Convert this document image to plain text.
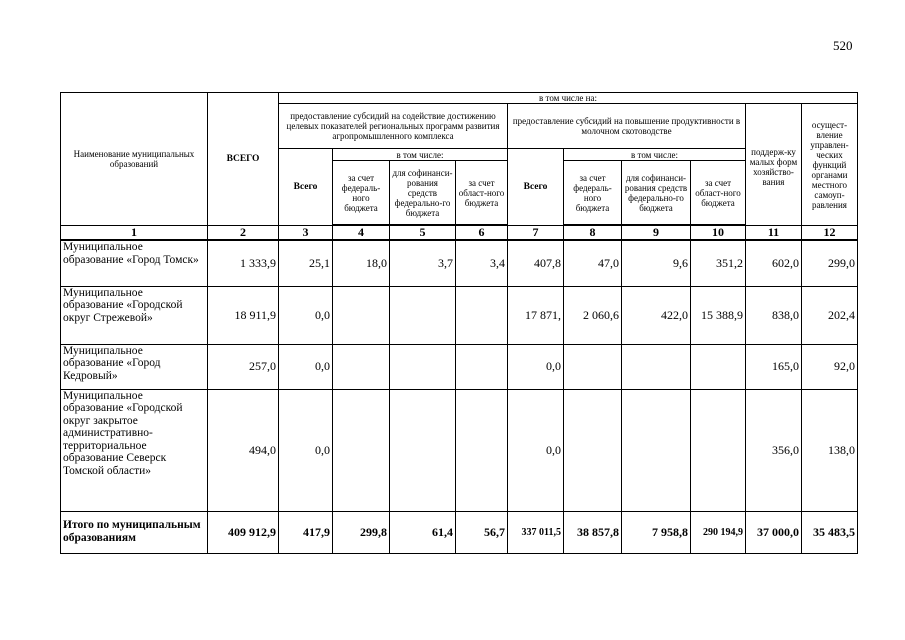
520
Наименование муниципальных образований	ВСЕГО	в том числе на:									
		предоставление субсидий на содействие достижению целевых показателей региональных программ развития агропромышленного комплекса				предоставление субсидий на повышение продуктивности в молочном скотоводстве				поддерж-ку малых форм хозяйство-вания	осущест-вление управлен-ческих функций органами местного самоуп-равления
		Всего	в том числе:			Всего	в том числе:				
			за счет федераль-ного бюджета	для софинанси-рования средств федерально-го бюджета	за счет област-ного бюджета		за счет федераль-ного бюджета	для софинанси-рования средств федерально-го бюджета	за счет област-ного бюджета		

1	2	3	4	5	6	7	8	9	10	11	12
Муниципальное образование «Город Томск»	1 333,9	25,1	18,0	3,7	3,4	407,8	47,0	9,6	351,2	602,0	299,0
Муниципальное образование «Городской округ Стрежевой»	18 911,9	0,0				17 871,	2 060,6	422,0	15 388,9	838,0	202,4
Муниципальное образование «Город Кедровый»	257,0	0,0				0,0				165,0	92,0
Муниципальное образование «Городской округ закрытое административно-территориальное образование Северск Томской области»	494,0	0,0				0,0				356,0	138,0
Итого по муниципальным образованиям	409 912,9	417,9	299,8	61,4	56,7	337 011,5	38 857,8	7 958,8	290 194,9	37 000,0	35 483,5
